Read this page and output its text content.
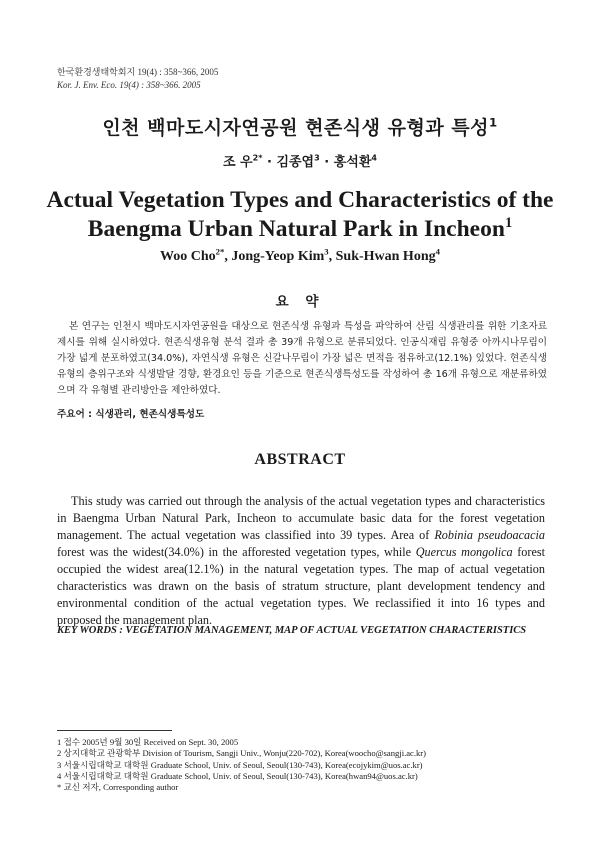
한국환경생태학회지 19(4) : 358~366, 2005
Kor. J. Env. Eco. 19(4) : 358~366. 2005
인천 백마도시자연공원 현존식생 유형과 특성$^1$
조 우$^{2*}$ · 김종엽$^3$ · 홍석환$^4$
Actual Vegetation Types and Characteristics of the
Baengma Urban Natural Park in Incheon$^1$
Woo Cho$^{2*}$, Jong-Yeop Kim$^3$, Suk-Hwan Hong$^4$
요 약

본 연구는 인천시 백마도시자연공원을 대상으로 현존식생 유형과 특성을 파악하여 산림 식생관리를 위한 기초자료 제시를 위해 실시하였다. 현존식생유형 분석 결과 총 39개 유형으로 분류되었다. 인공식재림 유형중 아까시나무림이 가장 넓게 분포하였고(34.0%), 자연식생 유형은 신갈나무림이 가장 넓은 면적을 점유하고(12.1%) 있었다. 현존식생유형의 층위구조와 식생발달 경향, 환경요인 등을 기준으로 현존식생특성도를 작성하여 총 16개 유형으로 재분류하였으며 각 유형별 관리방안을 제안하였다.

주요어 : 식생관리, 현존식생특성도
ABSTRACT

This study was carried out through the analysis of the actual vegetation types and characteristics in Baengma Urban Natural Park, Incheon to accumulate basic data for the forest vegetation management. The actual vegetation was classified into 39 types. Area of Robinia pseudoacacia forest was the widest(34.0%) in the afforested vegetation types, while Quercus mongolica forest occupied the widest area(12.1%) in the natural vegetation types. The map of actual vegetation characteristics was drawn on the basis of stratum structure, plant development tendency and environmental condition of the actual vegetation types. We reclassified it into 16 types and proposed the management plan.

KEY WORDS : VEGETATION MANAGEMENT, MAP OF ACTUAL VEGETATION CHARACTERISTICS
1 접수 2005년 9월 30일 Received on Sept. 30, 2005
2 상지대학교 관광학부 Division of Tourism, Sangji Univ., Wonju(220-702), Korea(woocho@sangji.ac.kr)
3 서울시립대학교 대학원 Graduate School, Univ. of Seoul, Seoul(130-743), Korea(ecojykim@uos.ac.kr)
4 서울시립대학교 대학원 Graduate School, Univ. of Seoul, Seoul(130-743), Korea(hwan94@uos.ac.kr)
* 교신 저자, Corresponding author
